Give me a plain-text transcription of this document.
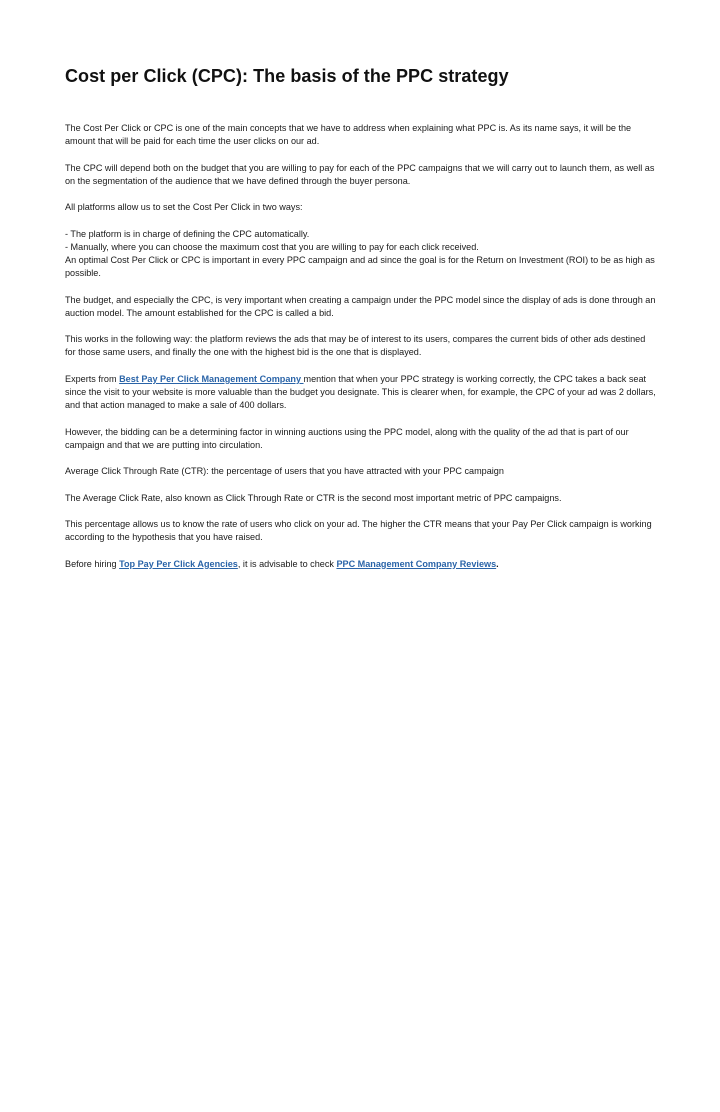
Cost per Click (CPC): The basis of the PPC strategy

The Cost Per Click or CPC is one of the main concepts that we have to address when explaining what PPC is. As its name says, it will be the amount that will be paid for each time the user clicks on our ad.

The CPC will depend both on the budget that you are willing to pay for each of the PPC campaigns that we will carry out to launch them, as well as on the segmentation of the audience that we have defined through the buyer persona.

All platforms allow us to set the Cost Per Click in two ways:

- The platform is in charge of defining the CPC automatically.

- Manually, where you can choose the maximum cost that you are willing to pay for each click received.

An optimal Cost Per Click or CPC is important in every PPC campaign and ad since the goal is for the Return on Investment (ROI) to be as high as possible.

The budget, and especially the CPC, is very important when creating a campaign under the PPC model since the display of ads is done through an auction model. The amount established for the CPC is called a bid.

This works in the following way: the platform reviews the ads that may be of interest to its users, compares the current bids of other ads destined for those same users, and finally the one with the highest bid is the one that is displayed.

Experts from Best Pay Per Click Management Company mention that when your PPC strategy is working correctly, the CPC takes a back seat since the visit to your website is more valuable than the budget you designate. This is clearer when, for example, the CPC of your ad was 2 dollars, and that action managed to make a sale of 400 dollars.

However, the bidding can be a determining factor in winning auctions using the PPC model, along with the quality of the ad that is part of our campaign and that we are putting into circulation.

Average Click Through Rate (CTR): the percentage of users that you have attracted with your PPC campaign

The Average Click Rate, also known as Click Through Rate or CTR is the second most important metric of PPC campaigns.

This percentage allows us to know the rate of users who click on your ad. The higher the CTR means that your Pay Per Click campaign is working according to the hypothesis that you have raised.

Before hiring Top Pay Per Click Agencies, it is advisable to check PPC Management Company Reviews.
